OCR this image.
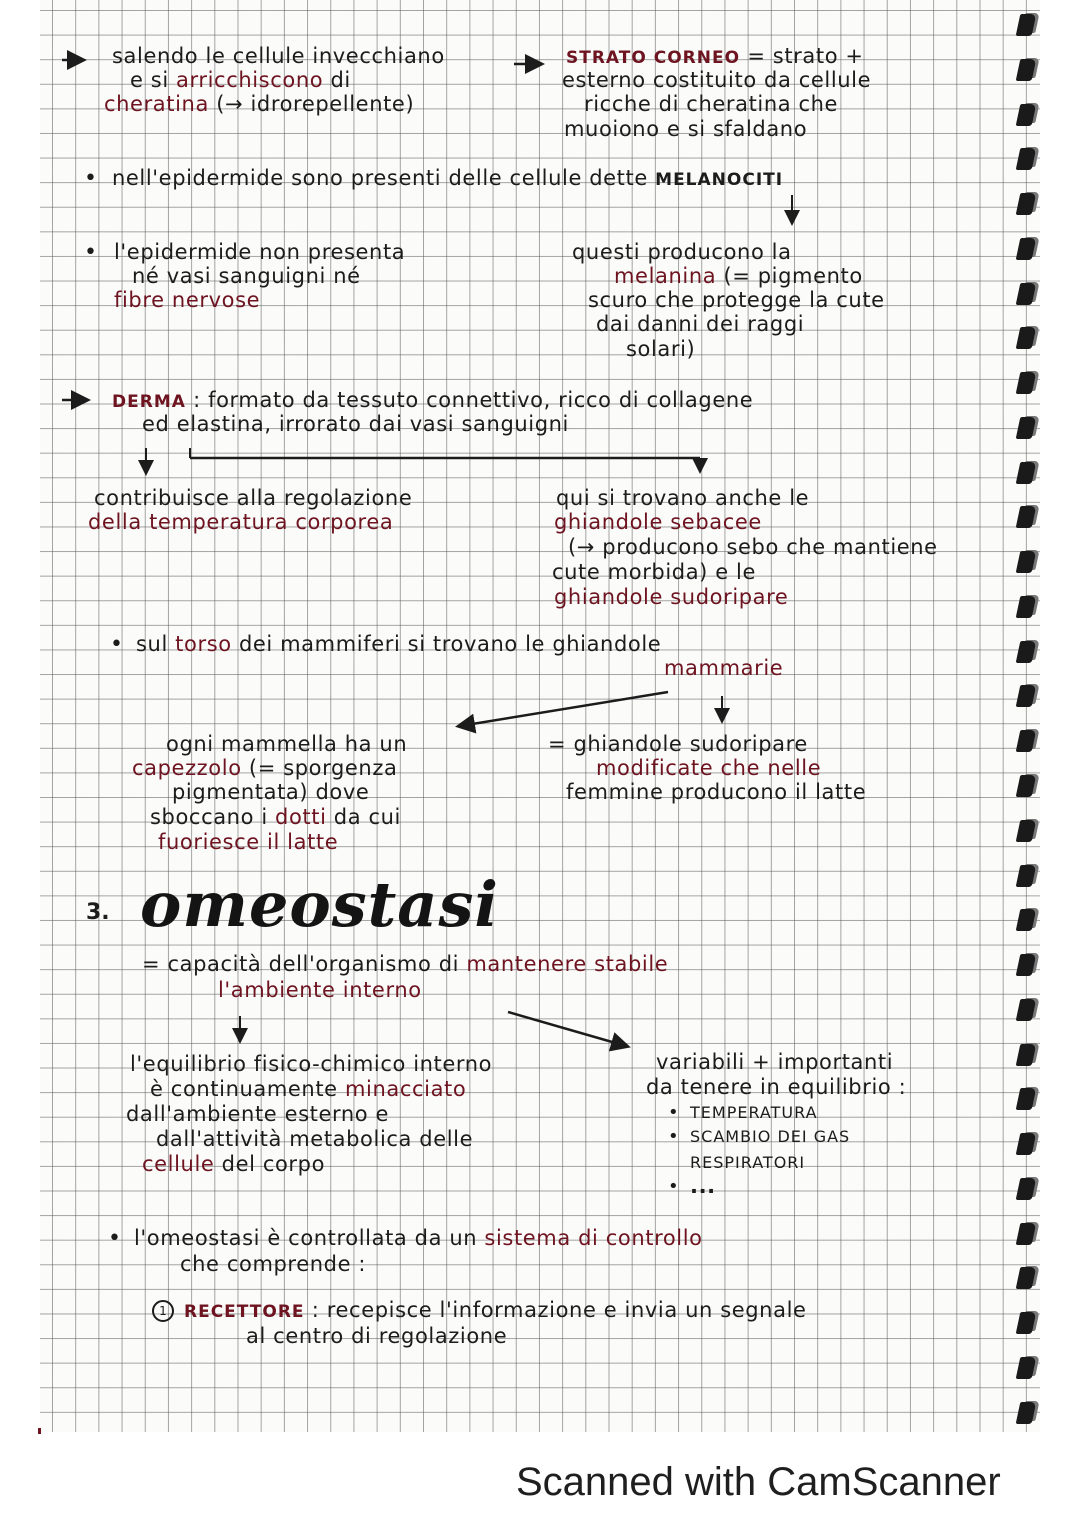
salendo le cellule invecchiano
e si arricchiscono di
cheratina (→ idrorepellente)
STRATO CORNEO = strato +
esterno costituito da cellule
ricche di cheratina che
muoiono e si sfaldano
• nell'epidermide sono presenti delle cellule dette MELANOCITI
• l'epidermide non presenta
né vasi sanguigni né
fibre nervose
questi producono la
melanina (= pigmento
scuro che protegge la cute
dai danni dei raggi
solari)
DERMA : formato da tessuto connettivo, ricco di collagene
ed elastina, irrorato dai vasi sanguigni
contribuisce alla regolazione
della temperatura corporea
qui si trovano anche le
ghiandole sebacee
(→ producono sebo che mantiene
cute morbida) e le
ghiandole sudoripare
• sul torso dei mammiferi si trovano le ghiandole
mammarie
ogni mammella ha un
capezzolo (= sporgenza
pigmentata) dove
sboccano i dotti da cui
fuoriesce il latte
= ghiandole sudoripare
modificate che nelle
femmine producono il latte
3. omeostasi
= capacità dell'organismo di mantenere stabile
l'ambiente interno
l'equilibrio fisico-chimico interno
è continuamente minacciato
dall'ambiente esterno e
dall'attività metabolica delle
cellule del corpo
variabili + importanti
da tenere in equilibrio :
• TEMPERATURA
• SCAMBIO DEI GAS
RESPIRATORI
• ...
• l'omeostasi è controllata da un sistema di controllo
che comprende :
1	RECETTORE : recepisce l'informazione e invia un segnale
al centro di regolazione
Scanned with CamScanner
